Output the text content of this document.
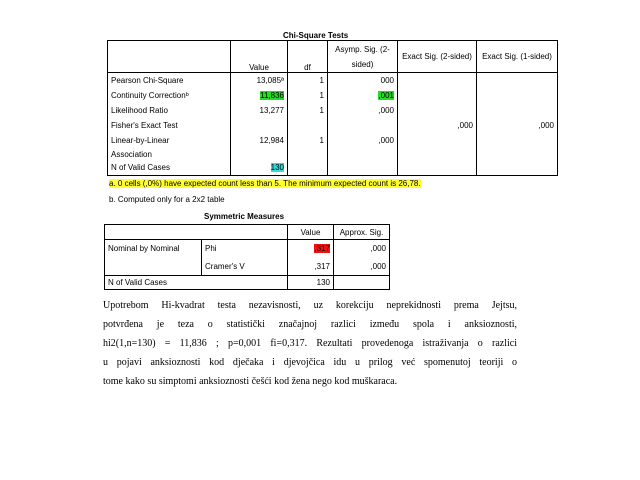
Chi-Square Tests
	Value	df	Asymp. Sig. (2-sided)	Exact Sig. (2-sided)	Exact Sig. (1-sided)
Pearson Chi-Square	13,085ª	1	000		
Continuity Correctionᵇ	11,836	1	,001		
Likelihood Ratio	13,277	1	,000		
Fisher's Exact Test				,000	,000
Linear-by-Linear	12,984	1	,000		
Association					
N of Valid Cases	130				
a. 0 cells (,0%) have expected count less than 5. The minimum expected count is 26,78.
b. Computed only for a 2x2 table
Symmetric Measures
		Value	Approx. Sig.
Nominal by Nominal	Phi	,317	,000
	Cramer's V	,317	,000
N of Valid Cases		130	
Upotrebom Hi-kvadrat testa nezavisnosti, uz korekciju neprekidnosti prema Jejtsu,
potvrđena je teza o statistički značajnoj razlici između spola i anksioznosti,
hi2(1,n=130) = 11,836 ; p=0,001 fi=0,317. Rezultati provedenoga istraživanja o razlici
u pojavi anksioznosti kod dječaka i djevojčica idu u prilog već spomenutoj teoriji o
tome kako su simptomi anksioznosti češći kod žena nego kod muškaraca.
